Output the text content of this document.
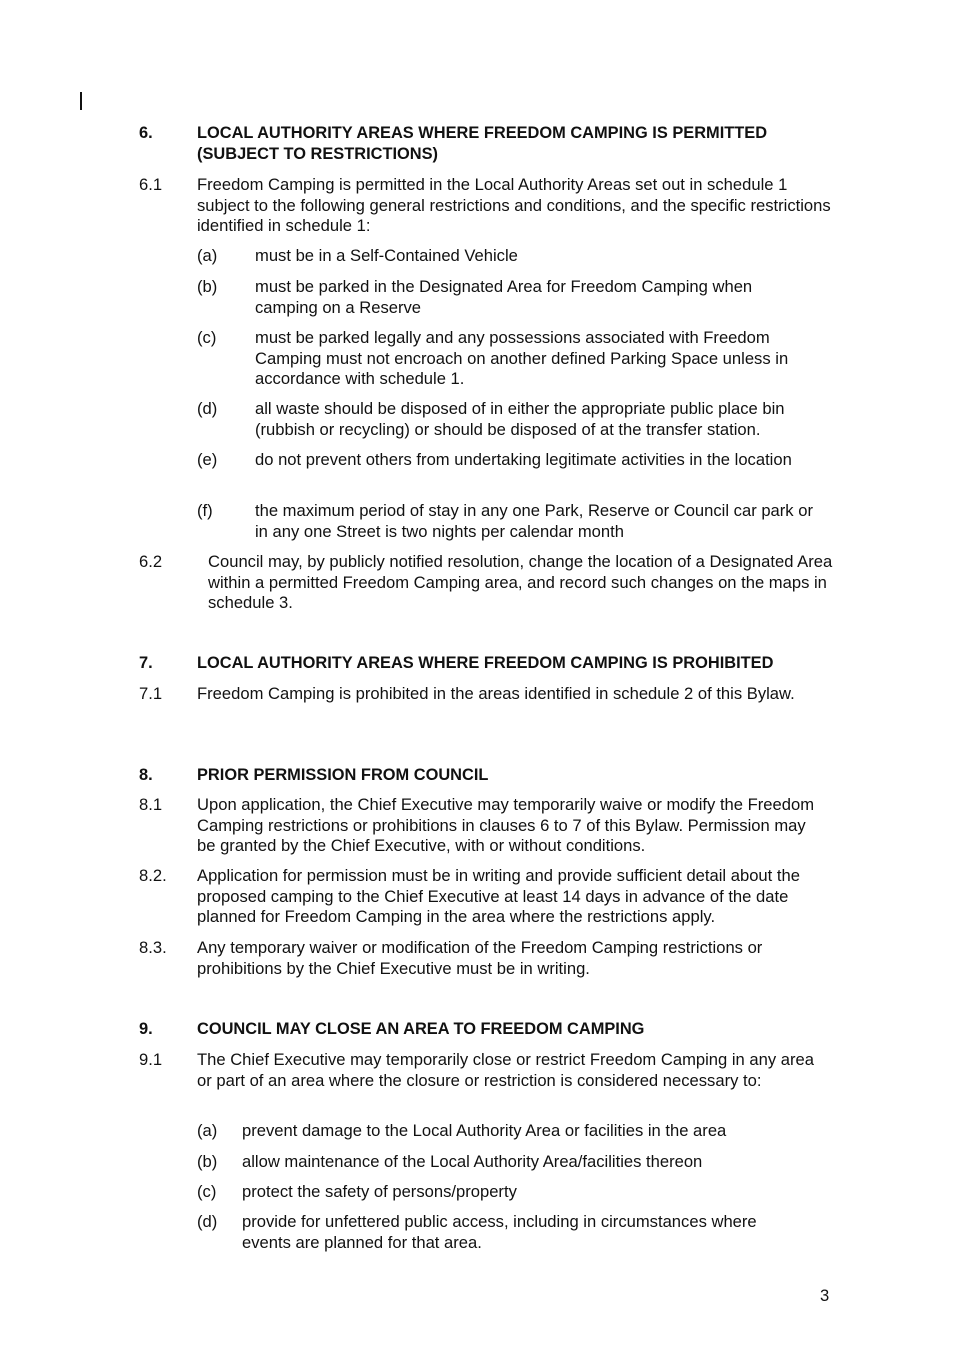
6.	LOCAL AUTHORITY AREAS WHERE FREEDOM CAMPING IS PERMITTED (SUBJECT TO RESTRICTIONS)
6.1 Freedom Camping is permitted in the Local Authority Areas set out in schedule 1 subject to the following general restrictions and conditions, and the specific restrictions identified in schedule 1:
(a) must be in a Self-Contained Vehicle
(b) must be parked in the Designated Area for Freedom Camping when camping on a Reserve
(c) must be parked legally and any possessions associated with Freedom Camping must not encroach on another defined Parking Space unless in accordance with schedule 1.
(d) all waste should be disposed of in either the appropriate public place bin (rubbish or recycling) or should be disposed of at the transfer station.
(e) do not prevent others from undertaking legitimate activities in the location
(f)	the maximum period of stay in any one Park, Reserve or Council car park or in any one Street is two nights per calendar month
6.2	Council may, by publicly notified resolution, change the location of a Designated Area within a permitted Freedom Camping area, and record such changes on the maps in schedule 3.
7.	LOCAL AUTHORITY AREAS WHERE FREEDOM CAMPING IS PROHIBITED
7.1 Freedom Camping is prohibited in the areas identified in schedule 2 of this Bylaw.
8.	PRIOR PERMISSION FROM COUNCIL
8.1 Upon application, the Chief Executive may temporarily waive or modify the Freedom Camping restrictions or prohibitions in clauses 6 to 7 of this Bylaw. Permission may be granted by the Chief Executive, with or without conditions.
8.2. Application for permission must be in writing and provide sufficient detail about the proposed camping to the Chief Executive at least 14 days in advance of the date planned for Freedom Camping in the area where the restrictions apply.
8.3. Any temporary waiver or modification of the Freedom Camping restrictions or prohibitions by the Chief Executive must be in writing.
9.	COUNCIL MAY CLOSE AN AREA TO FREEDOM CAMPING
9.1 The Chief Executive may temporarily close or restrict Freedom Camping in any area or part of an area where the closure or restriction is considered necessary to:
(a) prevent damage to the Local Authority Area or facilities in the area
(b) allow maintenance of the Local Authority Area/facilities thereon
(c) protect the safety of persons/property
(d) provide for unfettered public access, including in circumstances where events are planned for that area.
3
